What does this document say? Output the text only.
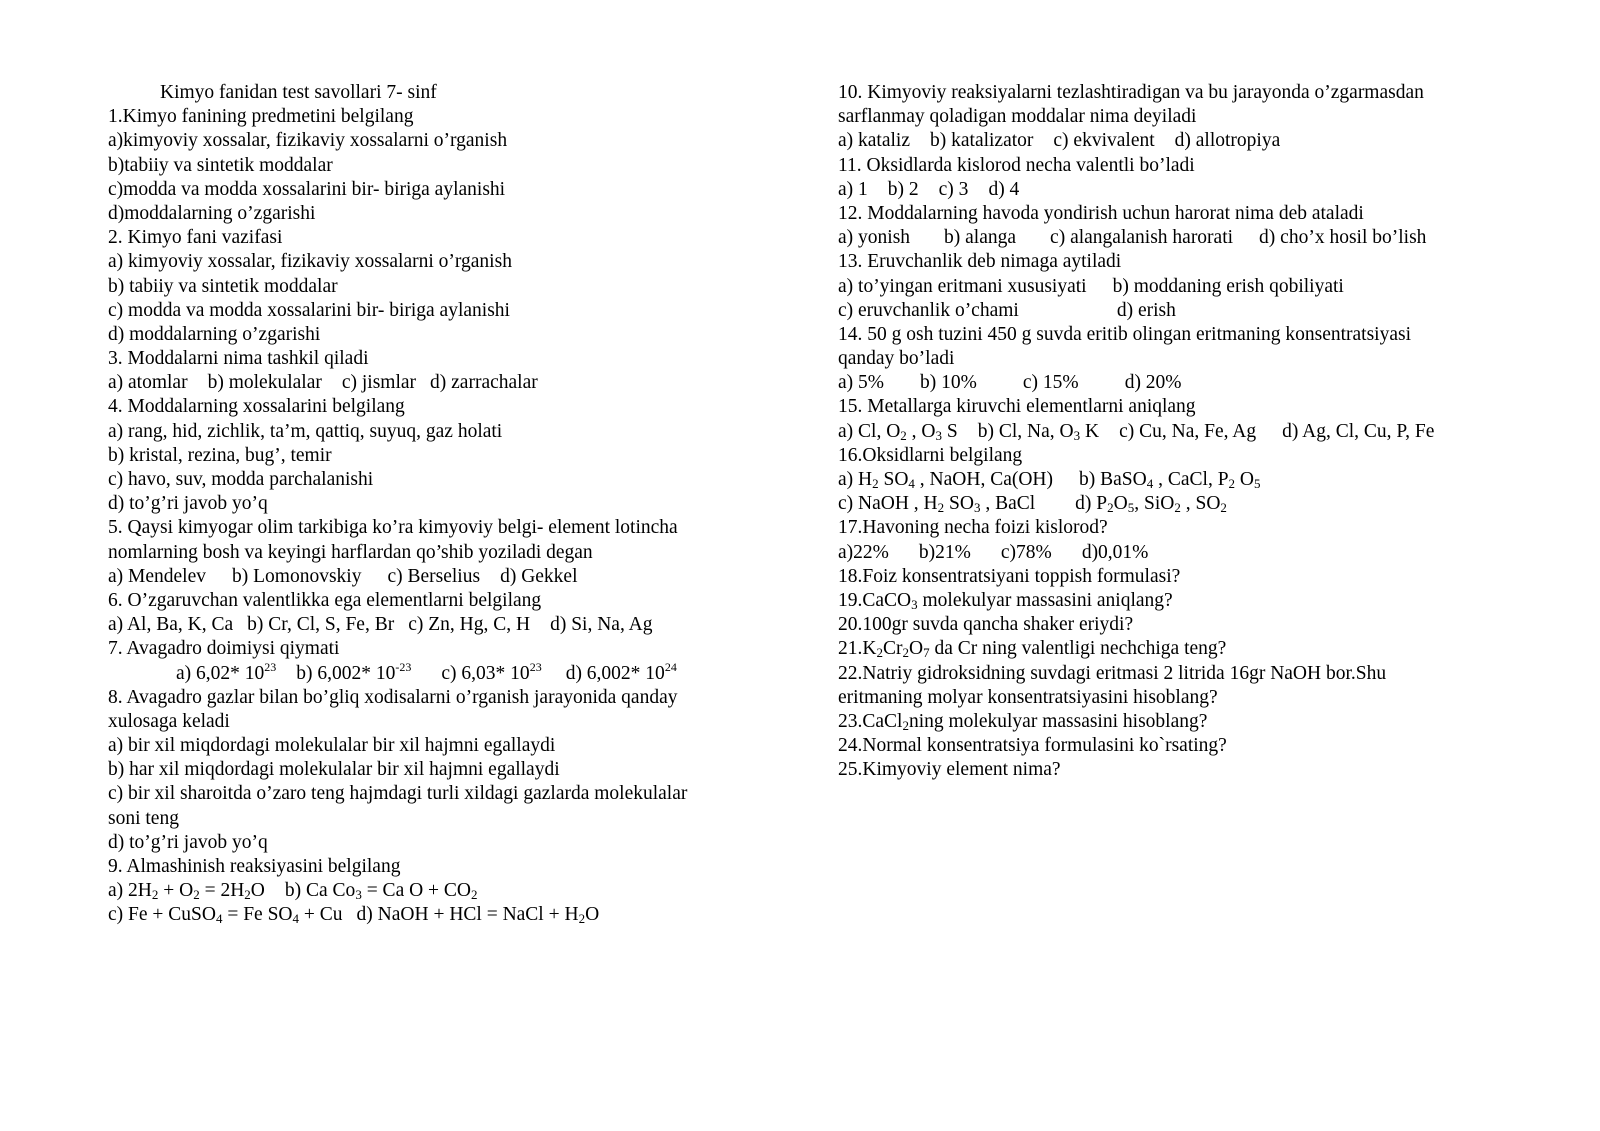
Kimyo fanidan test savollari 7- sinf
1.Kimyo fanining predmetini belgilang
a)kimyoviy xossalar, fizikaviy xossalarni o’rganish
b)tabiiy va sintetik moddalar
c)modda va modda xossalarini bir- biriga aylanishi
d)moddalarning o’zgarishi
2. Kimyo fani vazifasi
a) kimyoviy xossalar, fizikaviy xossalarni o’rganish
b) tabiiy va sintetik moddalar
c) modda va modda xossalarini bir- biriga aylanishi
d) moddalarning o’zgarishi
3. Moddalarni nima tashkil qiladi
a) atomlar b) molekulalar c) jismlar d) zarrachalar
4. Moddalarning xossalarini belgilang
a) rang, hid, zichlik, ta’m, qattiq, suyuq, gaz holati
b) kristal, rezina, bug’, temir
c) havo, suv, modda parchalanishi
d) to’g’ri javob yo’q
5. Qaysi kimyogar olim tarkibiga ko’ra kimyoviy belgi- element lotincha
nomlarning bosh va keyingi harflardan qo’shib yoziladi degan
a) Mendelev b) Lomonovskiy c) Berselius d) Gekkel
6. O’zgaruvchan valentlikka ega elementlarni belgilang
a) Al, Ba, K, Ca b) Cr, Cl, S, Fe, Br c) Zn, Hg, C, H d) Si, Na, Ag
7. Avagadro doimiysi qiymati
a) 6,02* $10^{23}$ b) 6,002* $10^{-23}$ c) 6,03* $10^{23}$ d) 6,002* $10^{24}$
8. Avagadro gazlar bilan bo’gliq xodisalarni o’rganish jarayonida qanday
xulosaga keladi
a) bir xil miqdordagi molekulalar bir xil hajmni egallaydi
b) har xil miqdordagi molekulalar bir xil hajmni egallaydi
c) bir xil sharoitda o’zaro teng hajmdagi turli xildagi gazlarda molekulalar
soni teng
d) to’g’ri javob yo’q
9. Almashinish reaksiyasini belgilang
a) $2H_2 + O_2 = 2H_2O$ b) Ca $Co_3 = Ca$ $O + CO_2$
c) Fe + CuSO$_4$ = Fe $SO_4 + Cu$ d) NaOH + HCl = NaCl + $H_2O$
10. Kimyoviy reaksiyalarni tezlashtiradigan va bu jarayonda o’zgarmasdan
sarflanmay qoladigan moddalar nima deyiladi
a) kataliz b) katalizator c) ekvivalent d) allotropiya
11. Oksidlarda kislorod necha valentli bo’ladi
a) 1 b) 2 c) 3 d) 4
12. Moddalarning havoda yondirish uchun harorat nima deb ataladi
a) yonish b) alanga c) alangalanish harorati d) cho’x hosil bo’lish
13. Eruvchanlik deb nimaga aytiladi
a) to’yingan eritmani xususiyati b) moddaning erish qobiliyati
c) eruvchanlik o’chami	d) erish
14. 50 g osh tuzini 450 g suvda eritib olingan eritmaning konsentratsiyasi
qanday bo’ladi
a) 5% b) 10% c) 15% d) 20%
15. Metallarga kiruvchi elementlarni aniqlang
a) Cl, $O_2$ , $O_3$ S b) Cl, Na, $O_3$ K c) Cu, Na, Fe, Ag d) Ag, Cl, Cu, P, Fe
16.Oksidlarni belgilang
a) $H_2$ $SO_4$ , NaOH, Ca(OH) b) BaSO$_4$ , CaCl, $P_2$ $O_5$
c) NaOH , $H_2$ $SO_3$ , BaCl d) $P_2O_5$, SiO$_2$ , $SO_2$
17.Havoning necha foizi kislorod?
a)22% b)21% c)78% d)0,01%
18.Foiz konsentratsiyani toppish formulasi?
19.CaCO$_3$ molekulyar massasini aniqlang?
20.100gr suvda qancha shaker eriydi?
$21.K_2Cr_2O_7$ da Cr ning valentligi nechchiga teng?
22.Natriy gidroksidning suvdagi eritmasi 2 litrida 16gr NaOH bor.Shu
eritmaning molyar konsentratsiyasini hisoblang?
23.CaCl$_2$ning molekulyar massasini hisoblang?
24.Normal konsentratsiya formulasini ko`rsating?
25.Kimyoviy element nima?
